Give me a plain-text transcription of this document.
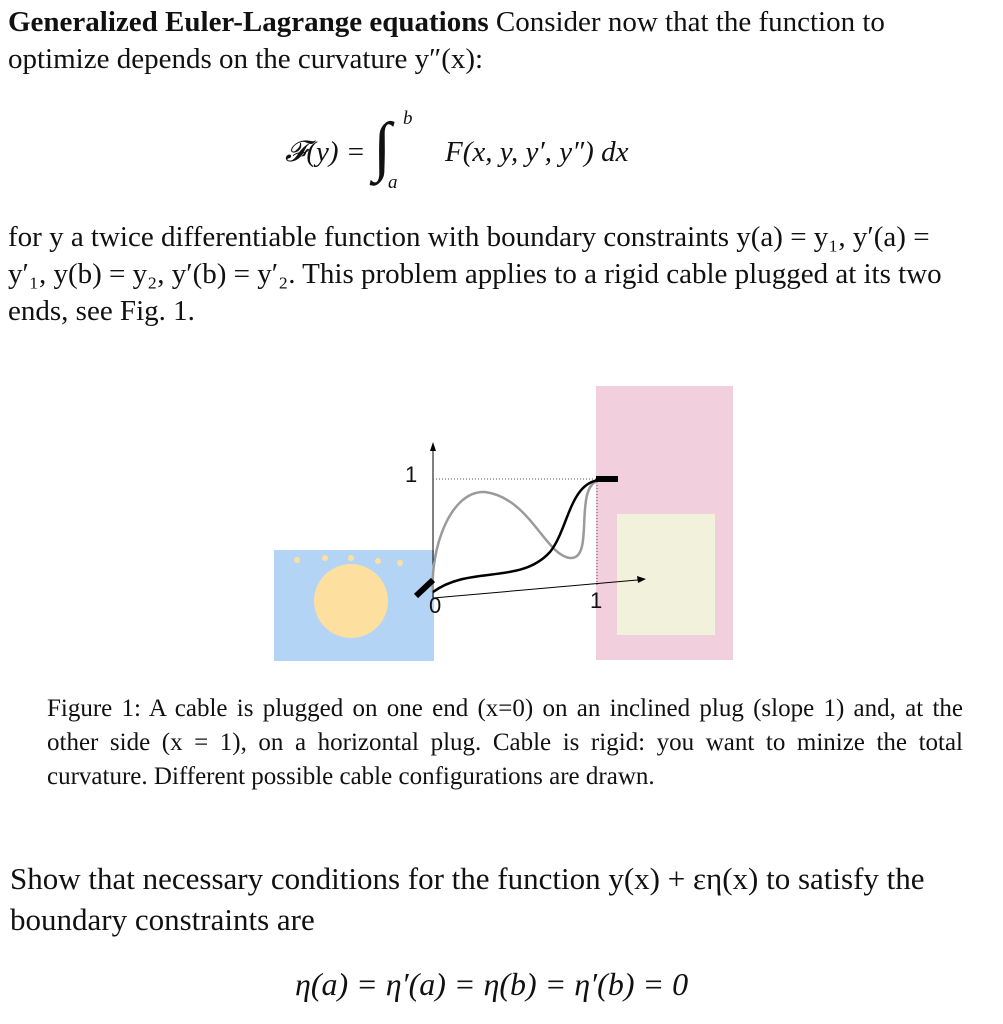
Generalized Euler-Lagrange equations Consider now that the function to optimize depends on the curvature y″(x):
𝓕(y) = ∫ b
a
F(x, y, y′, y″) dx
for y a twice differentiable function with boundary constraints y(a) = y₁, y′(a) = y′₁, y(b) = y₂, y′(b) = y′₂. This problem applies to a rigid cable plugged at its two ends, see Fig. 1.
1
0	1
Figure 1: A cable is plugged on one end (x=0) on an inclined plug (slope 1) and, at the other side (x = 1), on a horizontal plug. Cable is rigid: you want to minize the total curvature. Different possible cable configurations are drawn.
Show that necessary conditions for the function y(x) + εη(x) to satisfy the boundary constraints are
η(a) = η′(a) = η(b) = η′(b) = 0
